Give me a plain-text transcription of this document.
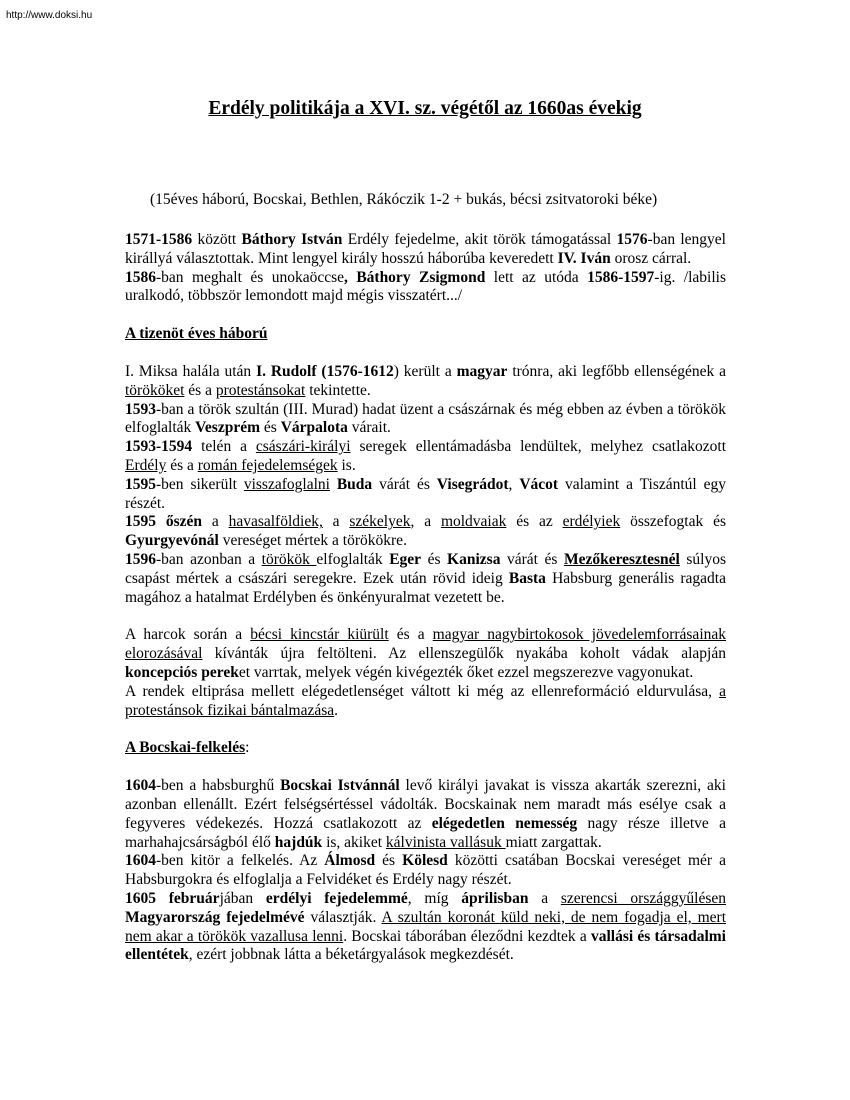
http://www.doksi.hu
Erdély politikája a XVI. sz. végétől az 1660as évekig
(15éves háború, Bocskai, Bethlen, Rákóczik 1-2 + bukás, bécsi zsitvatoroki béke)

1571-1586 között Báthory István Erdély fejedelme, akit török támogatással 1576-ban lengyel királlyá választottak. Mint lengyel király hosszú háborúba keveredett IV. Iván orosz cárral.

1586-ban meghalt és unokaöccse, Báthory Zsigmond lett az utóda 1586-1597-ig. /labilis uralkodó, többször lemondott majd mégis visszatért.../

A tizenöt éves háború

I. Miksa halála után I. Rudolf (1576-1612) került a magyar trónra, aki legfőbb ellenségének a törököket és a protestánsokat tekintette.

1593-ban a török szultán (III. Murad) hadat üzent a császárnak és még ebben az évben a törökök elfoglalták Veszprém és Várpalota várait.

1593-1594 telén a császári-királyi seregek ellentámadásba lendültek, melyhez csatlakozott Erdély és a román fejedelemségek is.

1595-ben sikerült visszafoglalni Buda várát és Visegrádot, Vácot valamint a Tiszántúl egy részét.

1595 őszén a havasalföldiek, a székelyek, a moldvaiak és az erdélyiek összefogtak és Gyurgyevónál vereséget mértek a törökökre.

1596-ban azonban a törökök elfoglalták Eger és Kanizsa várát és Mezőkeresztesnél súlyos csapást mértek a császári seregekre. Ezek után rövid ideig Basta Habsburg generális ragadta magához a hatalmat Erdélyben és önkényuralmat vezetett be.

A harcok során a bécsi kincstár kiürült és a magyar nagybirtokosok jövedelemforrásainak elorozásával kívánták újra feltölteni. Az ellenszegülők nyakába koholt vádak alapján koncepciós pereket varrtak, melyek végén kivégezték őket ezzel megszerezve vagyonukat.

A rendek eltiprása mellett elégedetlenséget váltott ki még az ellenreformáció eldurvulása, a protestánsok fizikai bántalmazása.

A Bocskai-felkelés:

1604-ben a habsburghű Bocskai Istvánnál levő királyi javakat is vissza akarták szerezni, aki azonban ellenállt. Ezért felségsértéssel vádolták. Bocskainak nem maradt más esélye csak a fegyveres védekezés. Hozzá csatlakozott az elégedetlen nemesség nagy része illetve a marhahajcsárságból élő hajdúk is, akiket kálvinista vallásuk miatt zargattak.

1604-ben kitör a felkelés. Az Álmosd és Kölesd közötti csatában Bocskai vereséget mér a Habsburgokra és elfoglalja a Felvidéket és Erdély nagy részét.

1605 februárjában erdélyi fejedelemmé, míg áprilisban a szerencsi országgyűlésen Magyarország fejedelmévé választják. A szultán koronát küld neki, de nem fogadja el, mert nem akar a törökök vazallusa lenni. Bocskai táborában éleződni kezdtek a vallási és társadalmi ellentétek, ezért jobbnak látta a béketárgyalások megkezdését.
